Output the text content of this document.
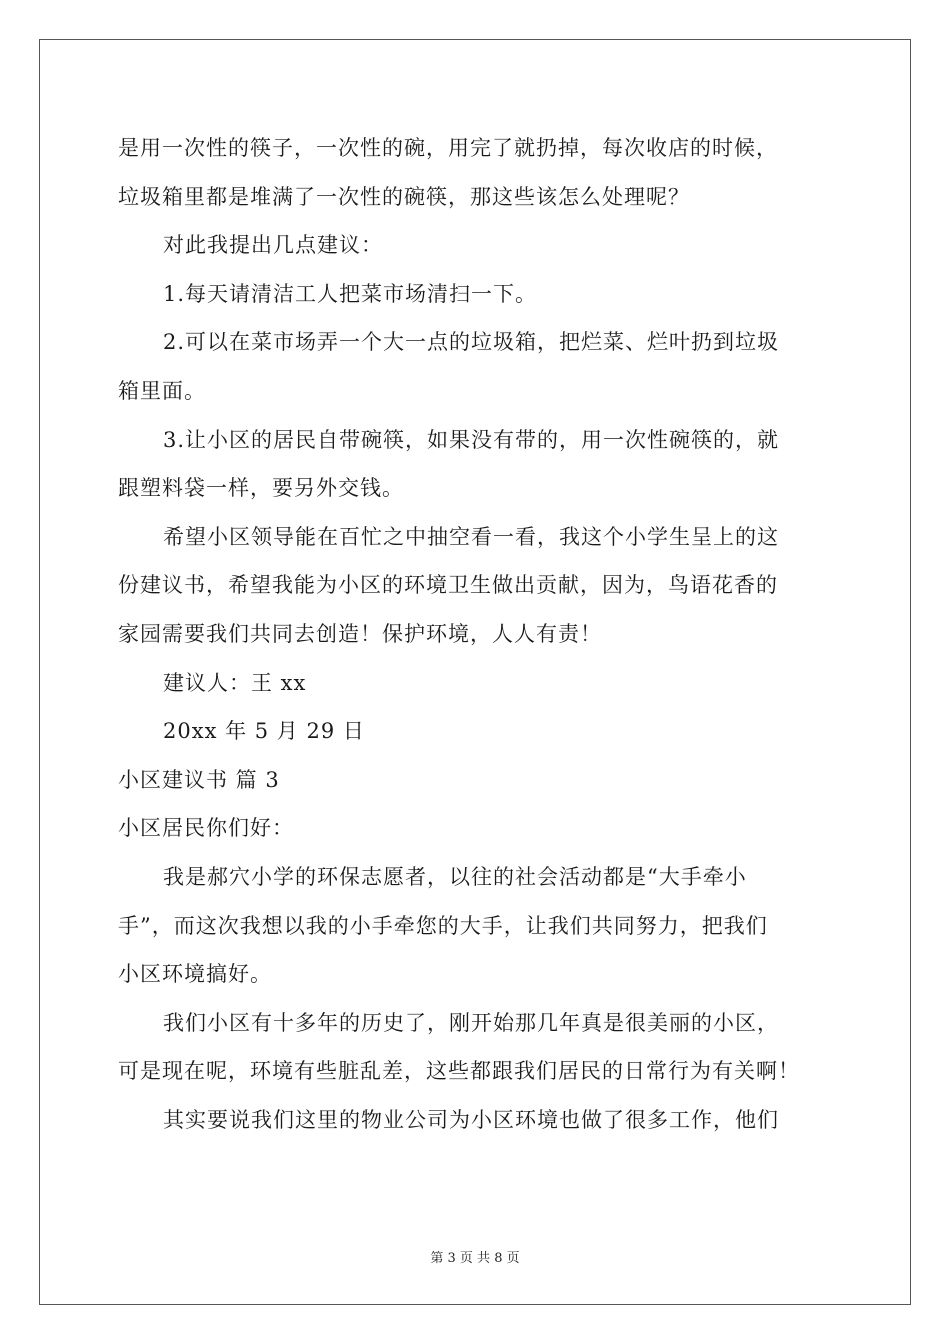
是用一次性的筷子，一次性的碗，用完了就扔掉，每次收店的时候，
垃圾箱里都是堆满了一次性的碗筷，那这些该怎么处理呢？
对此我提出几点建议：
1.每天请清洁工人把菜市场清扫一下。
2.可以在菜市场弄一个大一点的垃圾箱，把烂菜、烂叶扔到垃圾
箱里面。
3.让小区的居民自带碗筷，如果没有带的，用一次性碗筷的，就
跟塑料袋一样，要另外交钱。
希望小区领导能在百忙之中抽空看一看，我这个小学生呈上的这
份建议书，希望我能为小区的环境卫生做出贡献，因为，鸟语花香的
家园需要我们共同去创造！保护环境，人人有责！
建议人：王 xx
20xx 年 5 月 29 日
小区建议书 篇 3
小区居民你们好：
我是郝穴小学的环保志愿者，以往的社会活动都是“大手牵小
手”，而这次我想以我的小手牵您的大手，让我们共同努力，把我们
小区环境搞好。
我们小区有十多年的历史了，刚开始那几年真是很美丽的小区，
可是现在呢，环境有些脏乱差，这些都跟我们居民的日常行为有关啊！
其实要说我们这里的物业公司为小区环境也做了很多工作，他们
第 3 页 共 8 页
